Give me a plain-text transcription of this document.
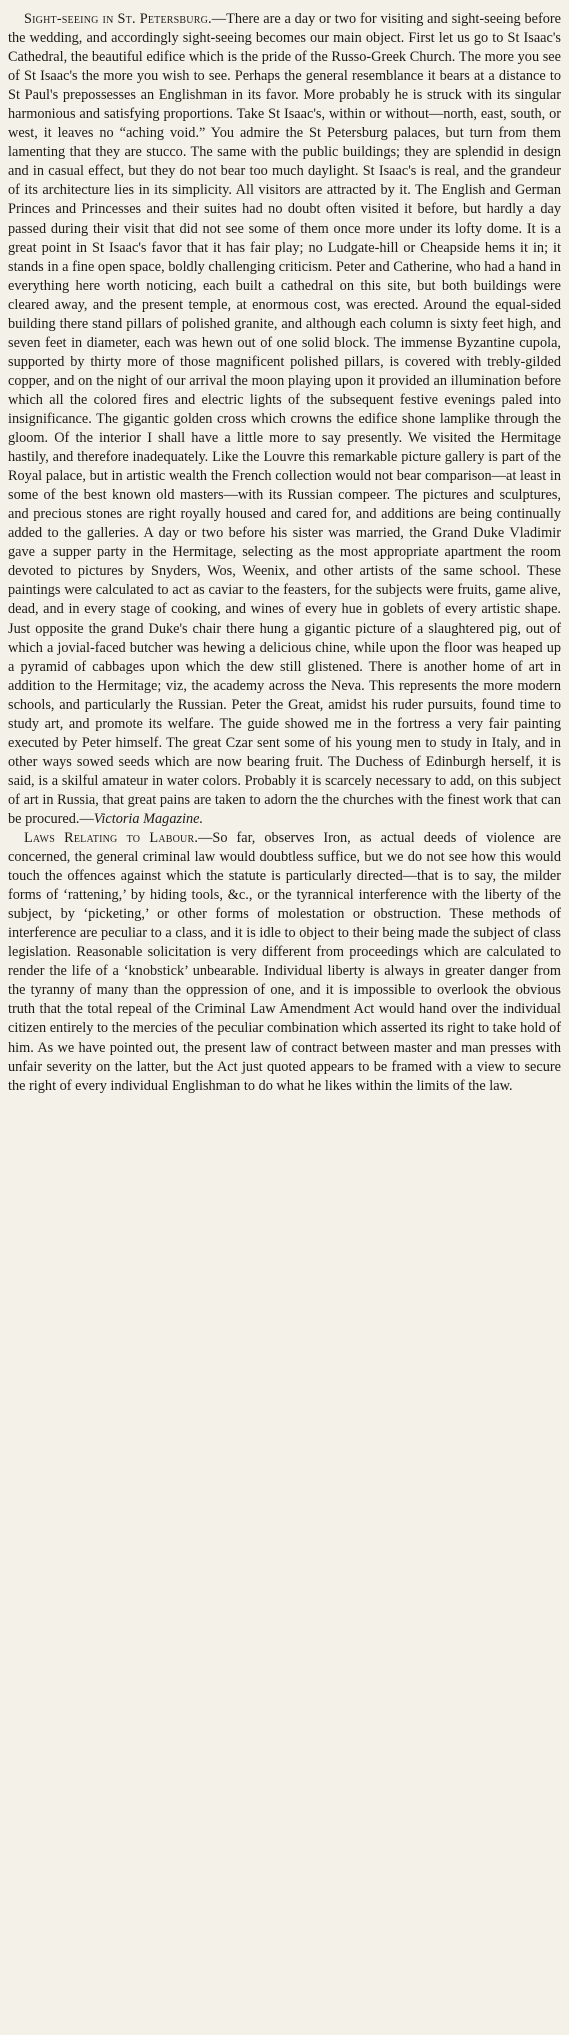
Sight-seeing in St. Petersburg.—There are a day or two for visiting and sight-seeing before the wedding, and accordingly sight-seeing becomes our main object. First let us go to St Isaac's Cathedral, the beautiful edifice which is the pride of the Russo-Greek Church. The more you see of St Isaac's the more you wish to see. Perhaps the general resemblance it bears at a distance to St Paul's prepossesses an Englishman in its favor. More probably he is struck with its singular harmonious and satisfying proportions. Take St Isaac's, within or without—north, east, south, or west, it leaves no “aching void.” You admire the St Petersburg palaces, but turn from them lamenting that they are stucco. The same with the public buildings; they are splendid in design and in casual effect, but they do not bear too much daylight. St Isaac's is real, and the grandeur of its architecture lies in its simplicity. All visitors are attracted by it. The English and German Princes and Princesses and their suites had no doubt often visited it before, but hardly a day passed during their visit that did not see some of them once more under its lofty dome. It is a great point in St Isaac's favor that it has fair play; no Ludgate-hill or Cheapside hems it in; it stands in a fine open space, boldly challenging criticism. Peter and Catherine, who had a hand in everything here worth noticing, each built a cathedral on this site, but both buildings were cleared away, and the present temple, at enormous cost, was erected. Around the equal-sided building there stand pillars of polished granite, and although each column is sixty feet high, and seven feet in diameter, each was hewn out of one solid block. The immense Byzantine cupola, supported by thirty more of those magnificent polished pillars, is covered with trebly-gilded copper, and on the night of our arrival the moon playing upon it provided an illumination before which all the colored fires and electric lights of the subsequent festive evenings paled into insignificance. The gigantic golden cross which crowns the edifice shone lamplike through the gloom. Of the interior I shall have a little more to say presently. We visited the Hermitage hastily, and therefore inadequately. Like the Louvre this remarkable picture gallery is part of the Royal palace, but in artistic wealth the French collection would not bear comparison—at least in some of the best known old masters—with its Russian compeer. The pictures and sculptures, and precious stones are right royally housed and cared for, and additions are being continually added to the galleries. A day or two before his sister was married, the Grand Duke Vladimir gave a supper party in the Hermitage, selecting as the most appropriate apartment the room devoted to pictures by Snyders, Wos, Weenix, and other artists of the same school. These paintings were calculated to act as caviar to the feasters, for the subjects were fruits, game alive, dead, and in every stage of cooking, and wines of every hue in goblets of every artistic shape. Just opposite the grand Duke's chair there hung a gigantic picture of a slaughtered pig, out of which a jovial-faced butcher was hewing a delicious chine, while upon the floor was heaped up a pyramid of cabbages upon which the dew still glistened. There is another home of art in addition to the Hermitage; viz, the academy across the Neva. This represents the more modern schools, and particularly the Russian. Peter the Great, amidst his ruder pursuits, found time to study art, and promote its welfare. The guide showed me in the fortress a very fair painting executed by Peter himself. The great Czar sent some of his young men to study in Italy, and in other ways sowed seeds which are now bearing fruit. The Duchess of Edinburgh herself, it is said, is a skilful amateur in water colors. Probably it is scarcely necessary to add, on this subject of art in Russia, that great pains are taken to adorn the the churches with the finest work that can be procured.—Victoria Magazine.

Laws Relating to Labour.—So far, observes Iron, as actual deeds of violence are concerned, the general criminal law would doubtless suffice, but we do not see how this would touch the offences against which the statute is particularly directed—that is to say, the milder forms of ‘rattening,’ by hiding tools, &c., or the tyrannical interference with the liberty of the subject, by ‘picketing,’ or other forms of molestation or obstruction. These methods of interference are peculiar to a class, and it is idle to object to their being made the subject of class legislation. Reasonable solicitation is very different from proceedings which are calculated to render the life of a ‘knobstick’ unbearable. Individual liberty is always in greater danger from the tyranny of many than the oppression of one, and it is impossible to overlook the obvious truth that the total repeal of the Criminal Law Amendment Act would hand over the individual citizen entirely to the mercies of the peculiar combination which asserted its right to take hold of him. As we have pointed out, the present law of contract between master and man presses with unfair severity on the latter, but the Act just quoted appears to be framed with a view to secure the right of every individual Englishman to do what he likes within the limits of the law.
